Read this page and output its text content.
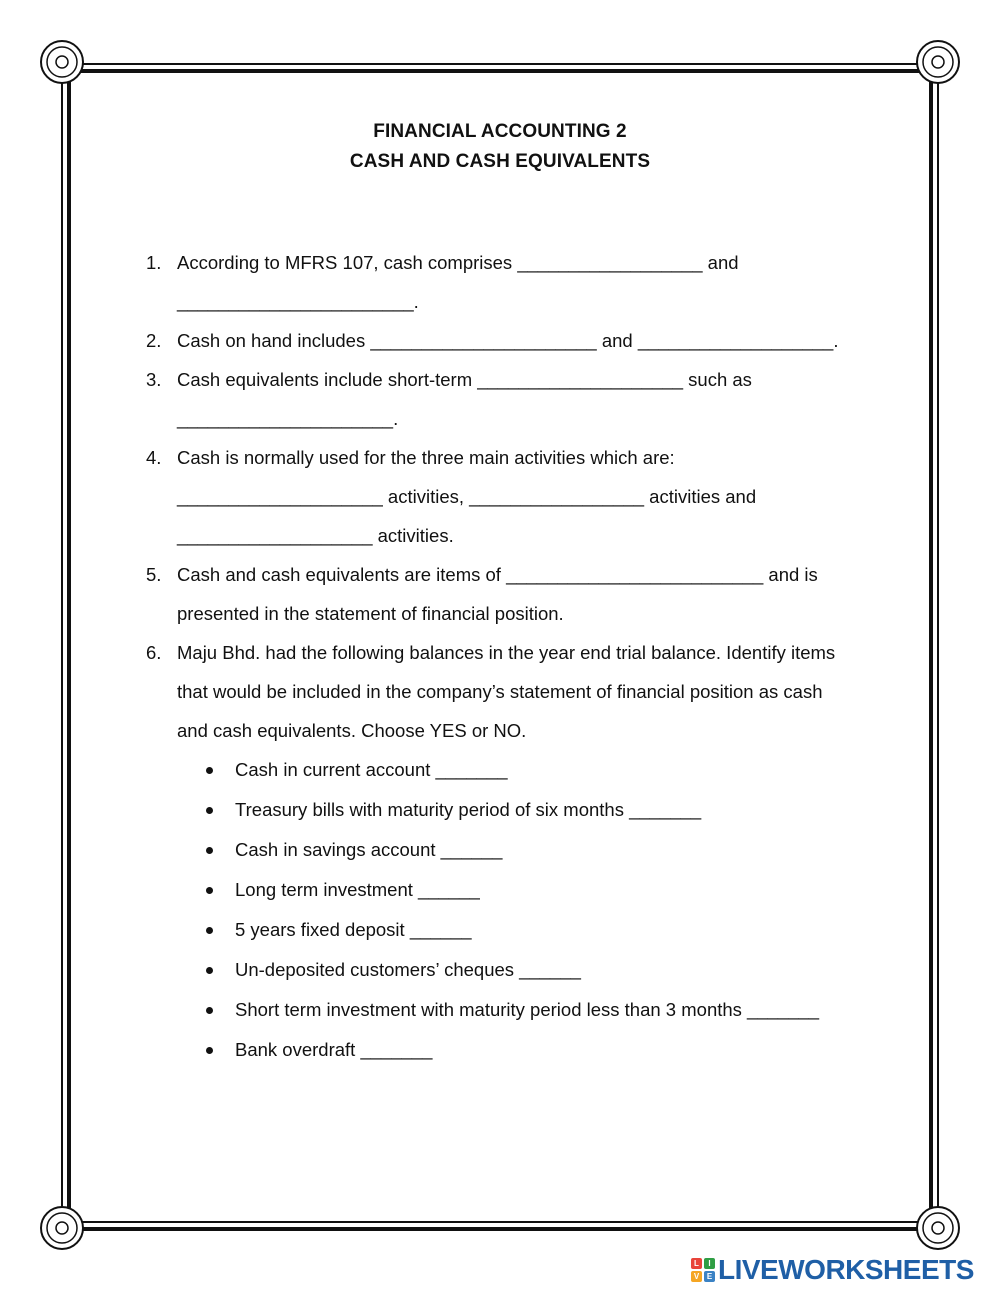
FINANCIAL ACCOUNTING 2
CASH AND CASH EQUIVALENTS
1. According to MFRS 107, cash comprises __________________ and
_______________________.
2. Cash on hand includes ______________________ and ___________________.
3. Cash equivalents include short-term ____________________ such as
_____________________.
4. Cash is normally used for the three main activities which are:
____________________ activities, _________________ activities and
___________________ activities.
5. Cash and cash equivalents are items of _________________________ and is
presented in the statement of financial position.
6. Maju Bhd. had the following balances in the year end trial balance. Identify items
that would be included in the company’s statement of financial position as cash
and cash equivalents. Choose YES or NO.
Cash in current account _______
Treasury bills with maturity period of six months _______
Cash in savings account ______
Long term investment ______
5 years fixed deposit ______
Un-deposited customers’ cheques ______
Short term investment with maturity period less than 3 months _______
Bank overdraft _______
L	I
V E LIVEWORKSHEETS
